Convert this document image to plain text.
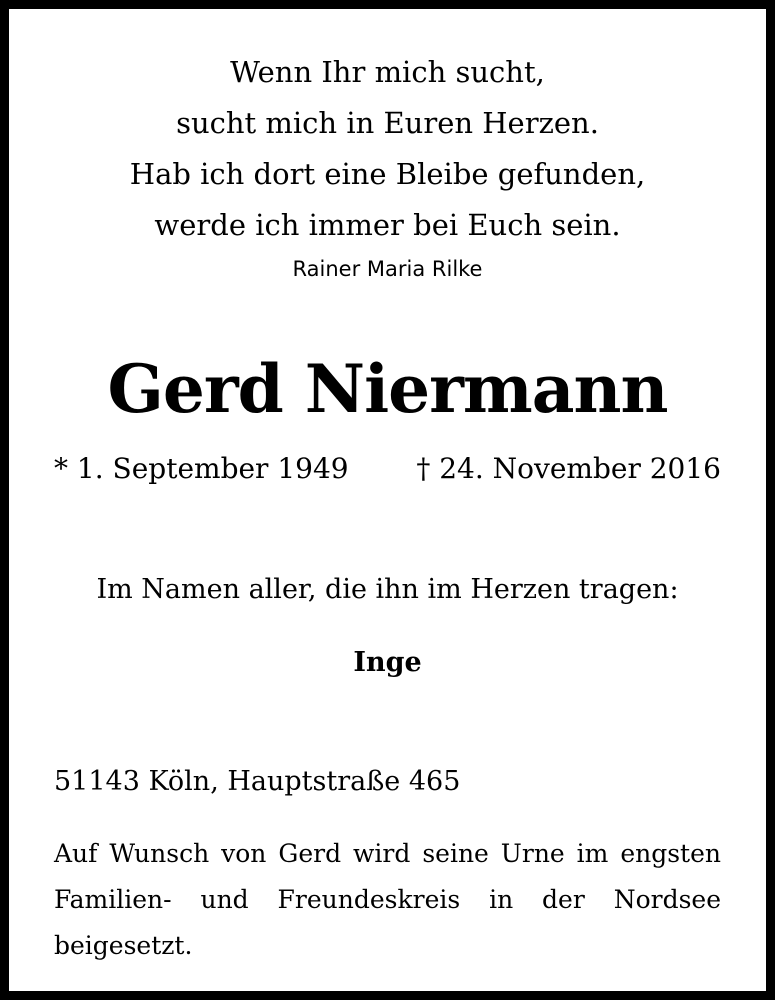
Wenn Ihr mich sucht,
sucht mich in Euren Herzen.
Hab ich dort eine Bleibe gefunden,
werde ich immer bei Euch sein.
Rainer Maria Rilke
Gerd Niermann
* 1. September 1949 † 24. November 2016
Im Namen aller, die ihn im Herzen tragen:
Inge
51143 Köln, Hauptstraße 465
Auf Wunsch von Gerd wird seine Urne im engsten Familien- und Freundeskreis in der Nordsee beigesetzt.
